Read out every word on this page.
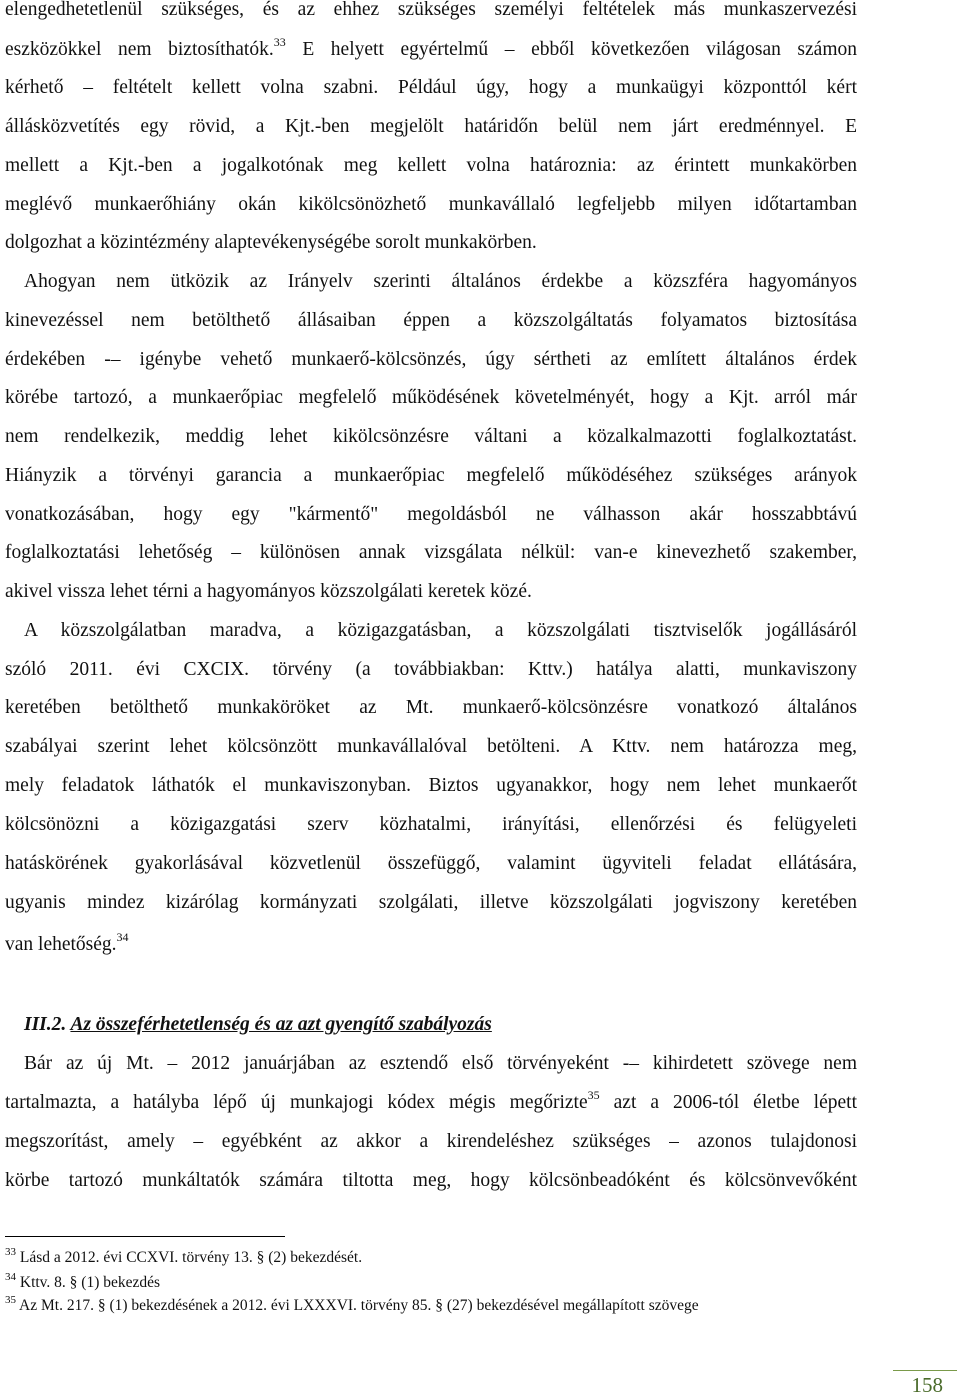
elengedhetetlenül szükséges, és az ehhez szükséges személyi feltételek más munkaszervezési
eszközökkel nem biztosíthatók.$^{33}$ E helyett egyértelmű – ebből következően világosan számon
kérhető – feltételt kellett volna szabni. Például úgy, hogy a munkaügyi központtól kért
állásközvetítés egy rövid, a Kjt.-ben megjelölt határidőn belül nem járt eredménnyel. E
mellett a Kjt.-ben a jogalkotónak meg kellett volna határoznia: az érintett munkakörben
meglévő munkaerőhiány okán kikölcsönözhető munkavállaló legfeljebb milyen időtartamban
dolgozhat a közintézmény alaptevékenységébe sorolt munkakörben.
Ahogyan nem ütközik az Irányelv szerinti általános érdekbe a közszféra hagyományos
kinevezéssel nem betölthető állásaiban éppen a közszolgáltatás folyamatos biztosítása
érdekében -– igénybe vehető munkaerő-kölcsönzés, úgy sértheti az említett általános érdek
körébe tartozó, a munkaerőpiac megfelelő működésének követelményét, hogy a Kjt. arról már
nem rendelkezik, meddig lehet kikölcsönzésre váltani a közalkalmazotti foglalkoztatást.
Hiányzik a törvényi garancia a munkaerőpiac megfelelő működéséhez szükséges arányok
vonatkozásában, hogy egy "kármentő" megoldásból ne válhasson akár hosszabbtávú
foglalkoztatási lehetőség – különösen annak vizsgálata nélkül: van-e kinevezhető szakember,
akivel vissza lehet térni a hagyományos közszolgálati keretek közé.
A közszolgálatban maradva, a közigazgatásban, a közszolgálati tisztviselők jogállásáról
szóló 2011. évi CXCIX. törvény (a továbbiakban: Kttv.) hatálya alatti, munkaviszony
keretében betölthető munkaköröket az Mt. munkaerő-kölcsönzésre vonatkozó általános
szabályai szerint lehet kölcsönzött munkavállalóval betölteni. A Kttv. nem határozza meg,
mely feladatok láthatók el munkaviszonyban. Biztos ugyanakkor, hogy nem lehet munkaerőt
kölcsönözni a közigazgatási szerv közhatalmi, irányítási, ellenőrzési és felügyeleti
hatáskörének gyakorlásával közvetlenül összefüggő, valamint ügyviteli feladat ellátására,
ugyanis mindez kizárólag kormányzati szolgálati, illetve közszolgálati jogviszony keretében
van lehetőség.$^{34}$
III.2. Az összeférhetetlenség és az azt gyengítő szabályozás
Bár az új Mt. – 2012 januárjában az esztendő első törvényeként -– kihirdetett szövege nem
tartalmazta, a hatályba lépő új munkajogi kódex mégis megőrizte$^{35}$ azt a 2006-tól életbe lépett
megszorítást, amely – egyébként az akkor a kirendeléshez szükséges – azonos tulajdonosi
körbe tartozó munkáltatók számára tiltotta meg, hogy kölcsönbeadóként és kölcsönvevőként
$^{33}$ Lásd a 2012. évi CCXVI. törvény 13. § (2) bekezdését.
$^{34}$ Kttv. 8. § (1) bekezdés
$^{35}$ Az Mt. 217. § (1) bekezdésének a 2012. évi LXXXVI. törvény 85. § (27) bekezdésével megállapított szövege
158
